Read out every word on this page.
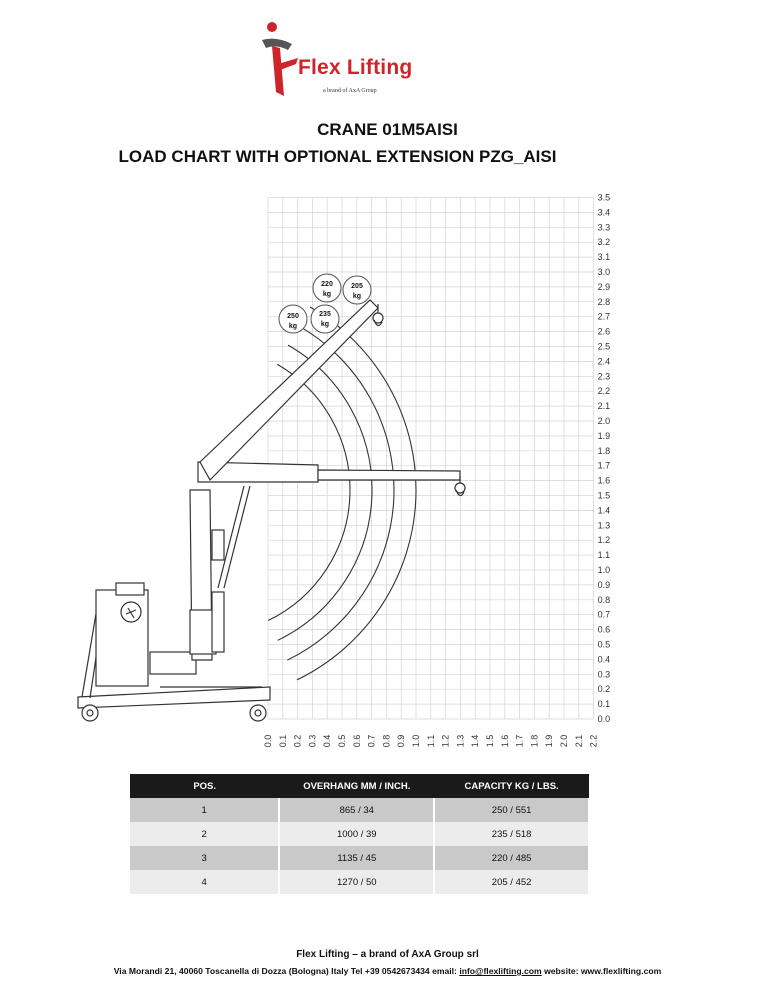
Flex Lifting
a brand of AxA Group
CRANE 01M5AISI
LOAD CHART WITH OPTIONAL EXTENSION PZG_AISI
0.0
0.1
0.2
0.3
0.4
0.5
0.6
0.7
0.8
0.9
1.0
1.1
1.2
1.3
1.4
1.5
1.6
1.7
1.8
1.9
2.0
2.1
2.2
2.3
2.4
2.5
2.6
2.7
2.8
2.9
3.0
3.1
3.2
3.3
3.4
3.5
0.0 0.1 0.2 0.3 0.4 0.5 0.6 0.7 0.8 0.9 1.0 1.1 1.2 1.3 1.4 1.5 1.6 1.7 1.8 1.9 2.0 2.1 2.2
250
kg
235
kg
220
kg
205
kg
POS.	OVERHANG MM / INCH.	CAPACITY KG / LBS.
1	865 / 34	250 / 551
2	1000 / 39	235 / 518
3	1135 / 45	220 / 485
4	1270 / 50	205 / 452
Flex Lifting – a brand of AxA Group srl
Via Morandi 21, 40060 Toscanella di Dozza (Bologna) Italy Tel +39 0542673434 email: info@flexlifting.com website: www.flexlifting.com
